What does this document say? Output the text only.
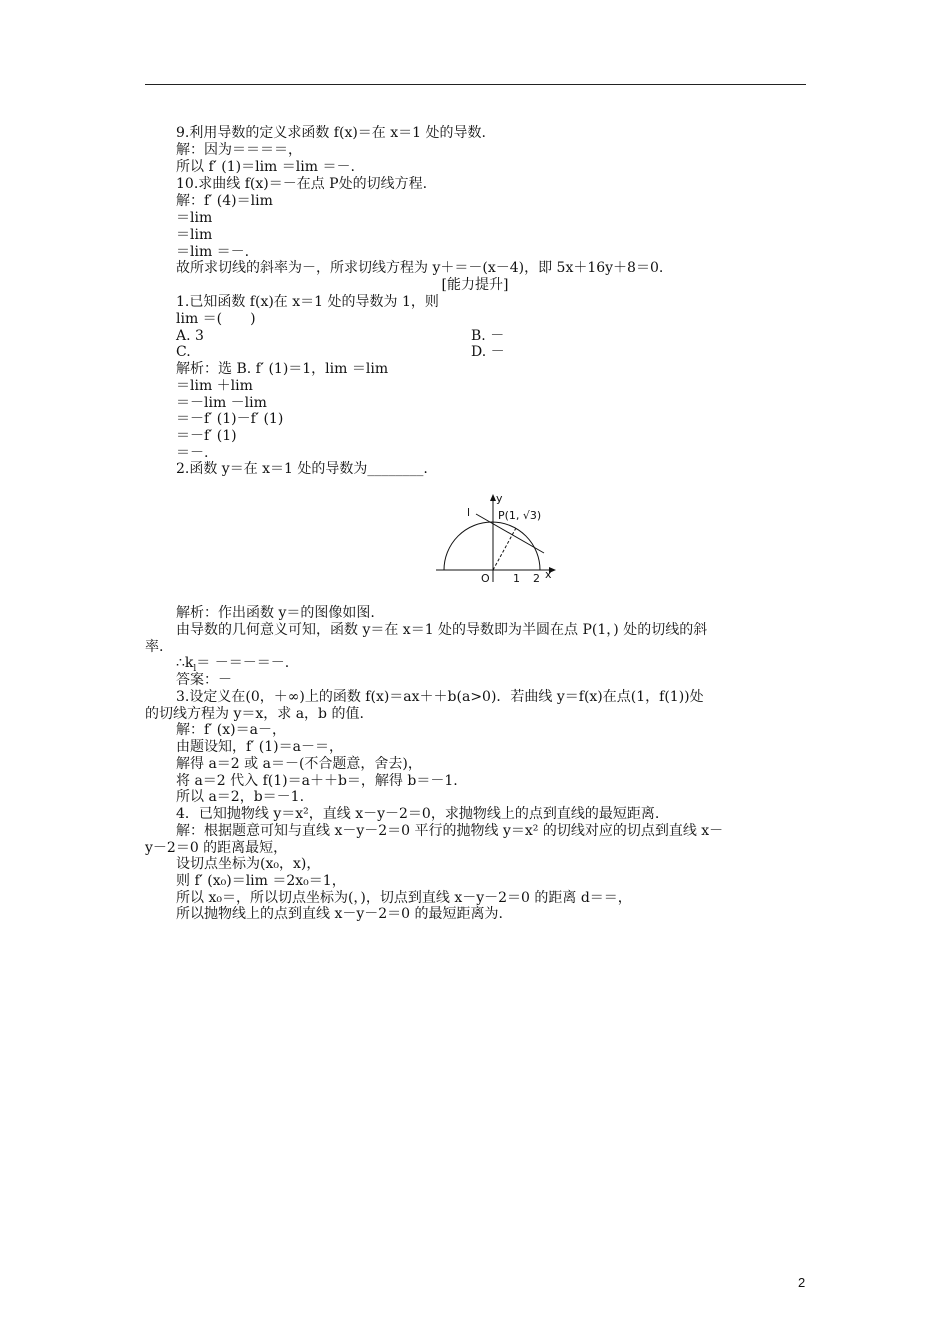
9.利用导数的定义求函数 f(x)＝在 x＝1 处的导数.
解：因为＝＝＝＝，
所以 f′ (1)＝lim ＝lim ＝－.
10.求曲线 f(x)＝－在点 P处的切线方程.
解：f′ (4)＝lim
＝lim
＝lim
＝lim ＝－.
故所求切线的斜率为－，所求切线方程为 y＋＝－(x－4)，即 5x＋16y＋8＝0.
[能力提升]
1.已知函数 f(x)在 x＝1 处的导数为 1，则
lim ＝(　　)
A. 3	B. －
C.	D. －
解析：选 B. f′ (1)＝1，lim ＝lim
＝lim ＋lim
＝－lim －lim
＝－f′ (1)－f′ (1)
＝－f′ (1)
＝－.
2.函数 y＝在 x＝1 处的导数为________.
y
x
l	P(1, √3)
O 1 2
解析：作出函数 y＝的图像如图.
由导数的几何意义可知，函数 y＝在 x＝1 处的导数即为半圆在点 P(1，) 处的切线的斜
率.
$\therefore k_l=$ －＝－＝－.
答案：－
3.设定义在(0，＋∞)上的函数 f(x)＝ax＋＋b(a>0)．若曲线 y＝f(x)在点(1，f(1))处
的切线方程为 y＝x，求 a，b 的值.
解：f′ (x)＝a－，
由题设知，f′ (1)＝a－＝，
解得 a＝2 或 a＝－(不合题意，舍去)，
将 a＝2 代入 f(1)＝a＋＋b＝，解得 b＝－1.
所以 a＝2，b＝－1.
4．已知抛物线 y＝x²，直线 x－y－2＝0，求抛物线上的点到直线的最短距离.
解：根据题意可知与直线 x－y－2＝0 平行的抛物线 y＝x² 的切线对应的切点到直线 x－
y－2＝0 的距离最短，
设切点坐标为(x₀，x)，
则 f′ (x₀)＝lim ＝2x₀＝1，
所以 x₀＝，所以切点坐标为(，)，切点到直线 x－y－2＝0 的距离 d＝＝，
所以抛物线上的点到直线 x－y－2＝0 的最短距离为.
2
